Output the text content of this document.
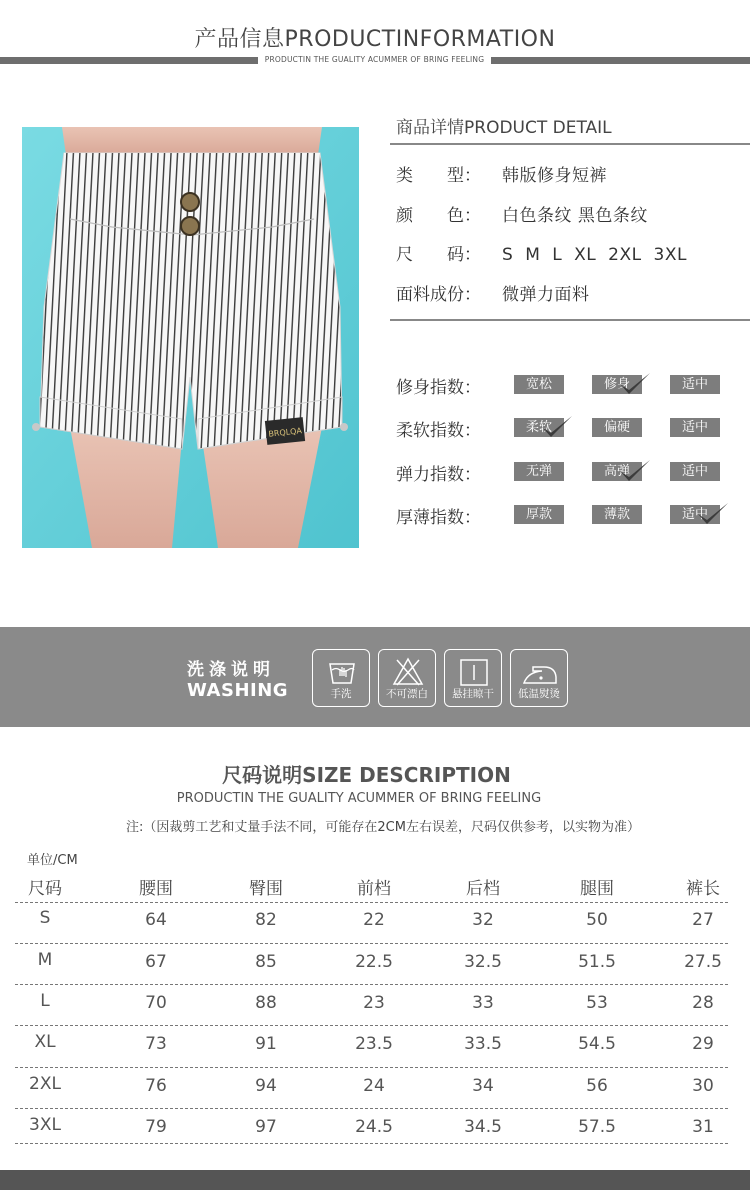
产品信息PRODUCTINFORMATION
PRODUCTIN THE GUALITY ACUMMER OF BRING FEELING
BRQLQA
商品详情PRODUCT DETAIL
类　　型： 韩版修身短裤
颜　　色： 白色条纹 黑色条纹
尺　　码： S M L XL 2XL 3XL
面料成份： 微弹力面料
修身指数：	宽松	修身	适中
柔软指数：	柔软	偏硬	适中
弹力指数：	无弹	高弹	适中
厚薄指数：	厚款	薄款	适中
洗涤说明
WASHING	手洗	不可漂白	悬挂晾干	低温熨烫
尺码说明SIZE DESCRIPTION
PRODUCTIN THE GUALITY ACUMMER OF BRING FEELING
注:（因裁剪工艺和丈量手法不同，可能存在2CM左右误差，尺码仅供参考，以实物为准）
单位/CM
尺码	腰围	臀围	前档	后档	腿围	裤长
S	64	82	22	32	50	27
M	67	85	22.5	32.5	51.5	27.5
L	70	88	23	33	53	28
XL	73	91	23.5	33.5	54.5	29
2XL	76	94	24	34	56	30
3XL	79	97	24.5	34.5	57.5	31
